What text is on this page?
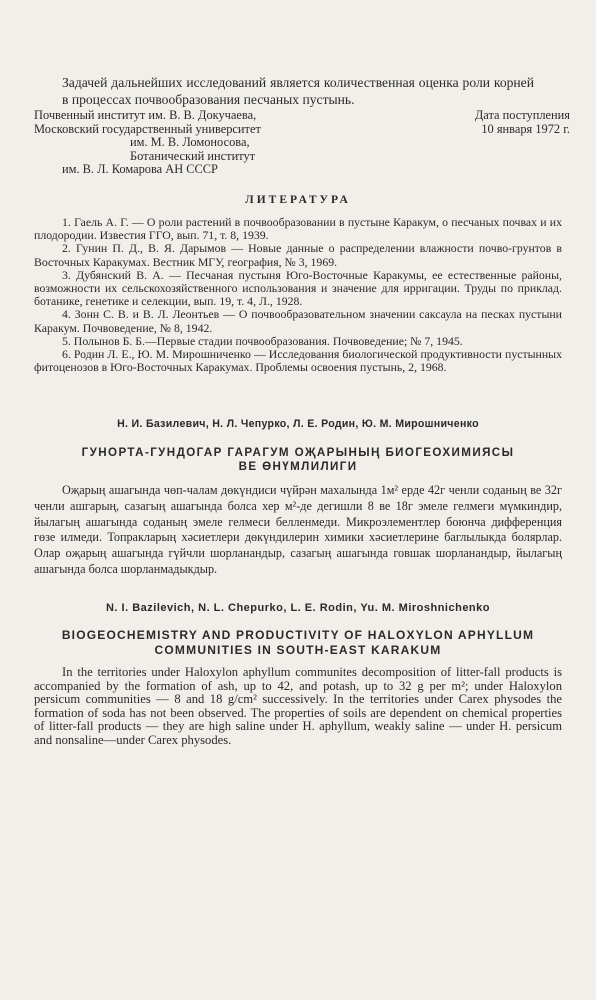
Задачей дальнейших исследований является количественная оценка роли корней в процессах почвообразования песчаных пустынь.
Почвенный институт им. В. В. Докучаева,
Московский государственный университет
им. М. В. Ломоносова,
Ботанический институт
им. В. Л. Комарова АН СССР
Дата поступления
10 января 1972 г.
ЛИТЕРАТУРА

1. Гаель А. Г. — О роли растений в почвообразовании в пустыне Каракум, о песчаных почвах и их плодородии. Известия ГГО, вып. 71, т. 8, 1939.

2. Гунин П. Д., В. Я. Дарымов — Новые данные о распределении влажности почво-грунтов в Восточных Каракумах. Вестник МГУ, география, № 3, 1969.

3. Дубянский В. А. — Песчаная пустыня Юго-Восточные Каракумы, ее естественные районы, возможности их сельскохозяйственного использования и значение для ирригации. Труды по приклад. ботанике, генетике и селекции, вып. 19, т. 4, Л., 1928.

4. Зонн С. В. и В. Л. Леонтьев — О почвообразовательном значении саксаула на песках пустыни Каракум. Почвоведение, № 8, 1942.

5. Полынов Б. Б.—Первые стадии почвообразования. Почвоведение; № 7, 1945.

6. Родин Л. Е., Ю. М. Мирошниченко — Исследования биологической продуктивности пустынных фитоценозов в Юго-Восточных Каракумах. Проблемы освоения пустынь, 2, 1968.

Н. И. Базилевич, Н. Л. Чепурко, Л. Е. Родин, Ю. М. Мирошниченко
ГУНОРТА-ГУНДОГАР ГАРАГУМ ОҖАРЫНЫҢ БИОГЕОХИМИЯСЫ
ВЕ ӨНҮМЛИЛИГИ

Оҗарың ашагында чөп-чалам дөкүндиси чүйрән махалында 1м² ерде 42г ченли соданың ве 32г ченли ашгарың, сазагың ашагында болса хер м²-де дегишли 8 ве 18г эмеле гелмеги мүмкиндир, йылагың ашагында соданың эмеле гелмеси белленмеди. Микроэлементлер боюнча дифференция гөзе илмеди. Топракларың хәсиетлери дөкүндилерин химики хәсиетлерине баглылыкда болярлар. Олар оҗарың ашагында гүйчли шорланандыр, сазагың ашагында говшак шорланандыр, йылагың ашагында болса шорланмадыкдыр.

N. I. Bazilevich, N. L. Chepurko, L. E. Rodin, Yu. M. Miroshnichenko
BIOGEOCHEMISTRY AND PRODUCTIVITY OF HALOXYLON APHYLLUM
COMMUNITIES IN SOUTH-EAST KARAKUM

In the territories under Haloxylon aphyllum communites decomposition of litter-fall products is accompanied by the formation of ash, up to 42, and potash, up to 32 g per m²; under Haloxylon persicum communities — 8 and 18 g/cm² successively. In the territories under Carex physodes the formation of soda has not been observed. The properties of soils are dependent on chemical properties of litter-fall products — they are high saline under H. aphyllum, weakly saline — under H. persicum and nonsaline—under Carex physodes.
